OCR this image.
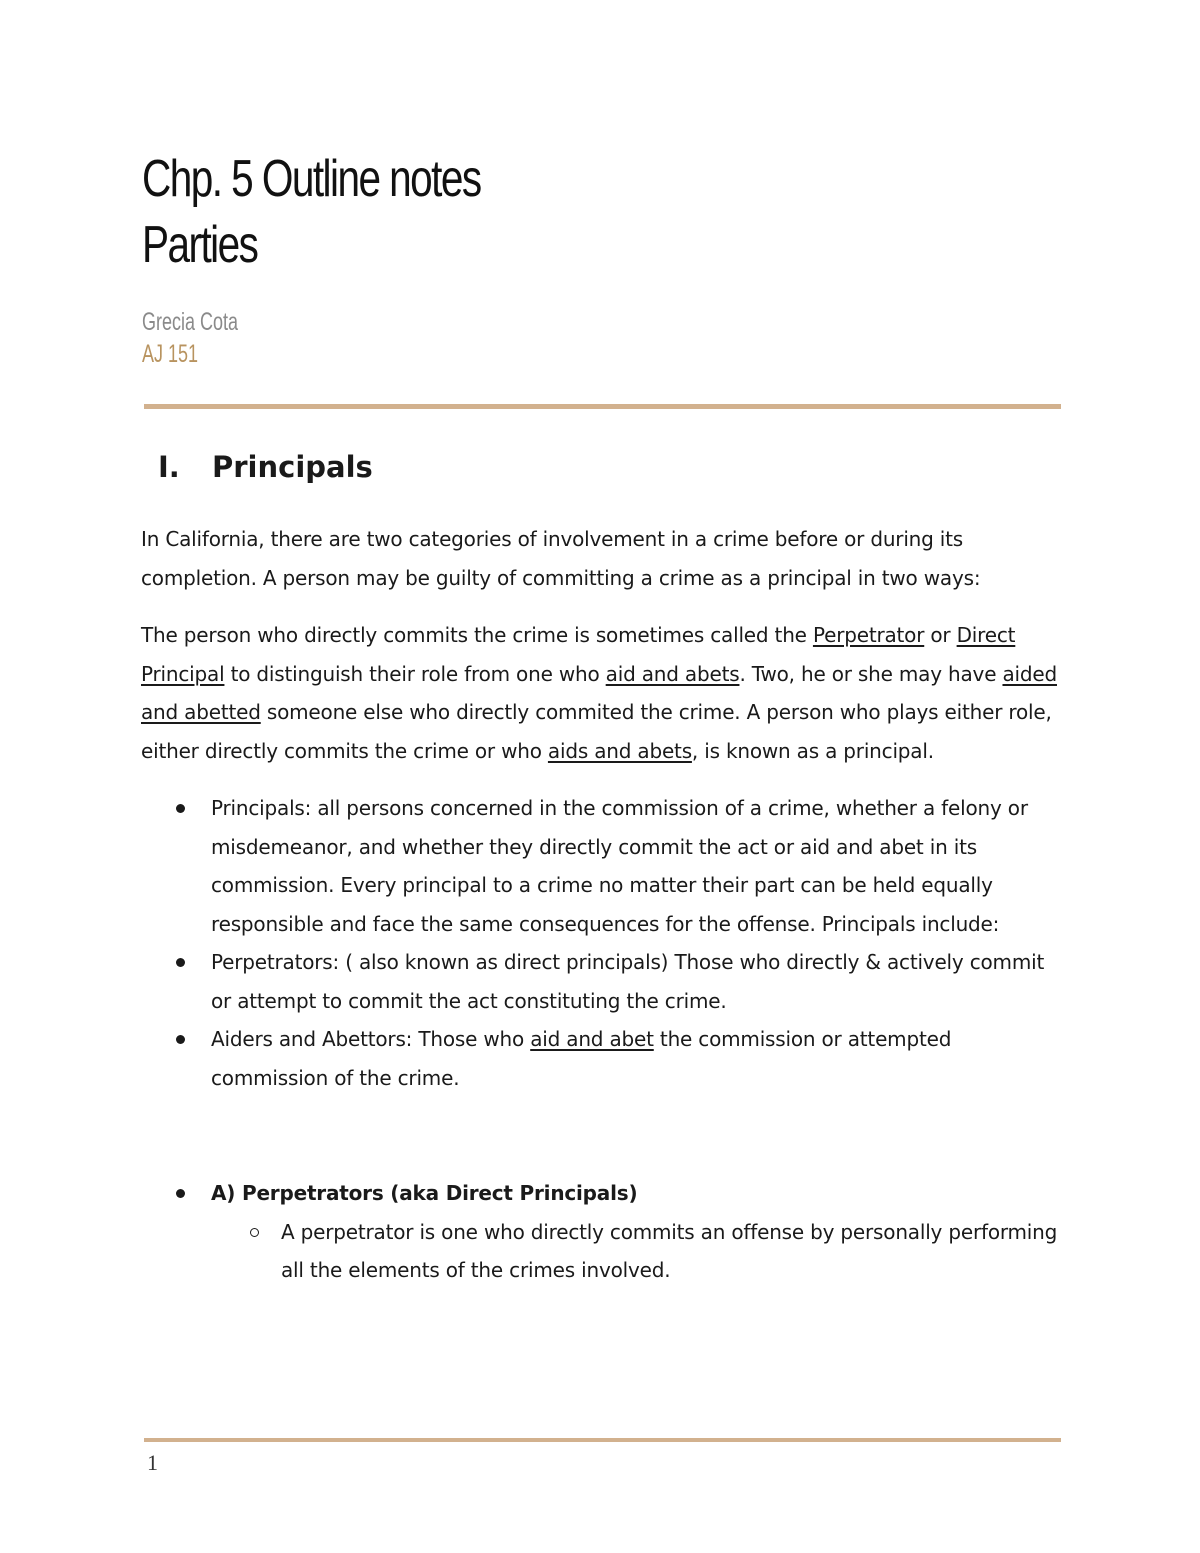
Chp. 5 Outline notes
Parties
Grecia Cota
AJ 151
I.	Principals

In California, there are two categories of involvement in a crime before or during its completion. A person may be guilty of committing a crime as a principal in two ways:

The person who directly commits the crime is sometimes called the Perpetrator or Direct Principal to distinguish their role from one who aid and abets. Two, he or she may have aided and abetted someone else who directly commited the crime. A person who plays either role, either directly commits the crime or who aids and abets, is known as a principal.

Principals: all persons concerned in the commission of a crime, whether a felony or misdemeanor, and whether they directly commit the act or aid and abet in its commission. Every principal to a crime no matter their part can be held equally responsible and face the same consequences for the offense. Principals include:
Perpetrators: ( also known as direct principals) Those who directly & actively commit or attempt to commit the act constituting the crime.
Aiders and Abettors: Those who aid and abet the commission or attempted commission of the crime.
A) Perpetrators (aka Direct Principals)
A perpetrator is one who directly commits an offense by personally performing all the elements of the crimes involved.
1
